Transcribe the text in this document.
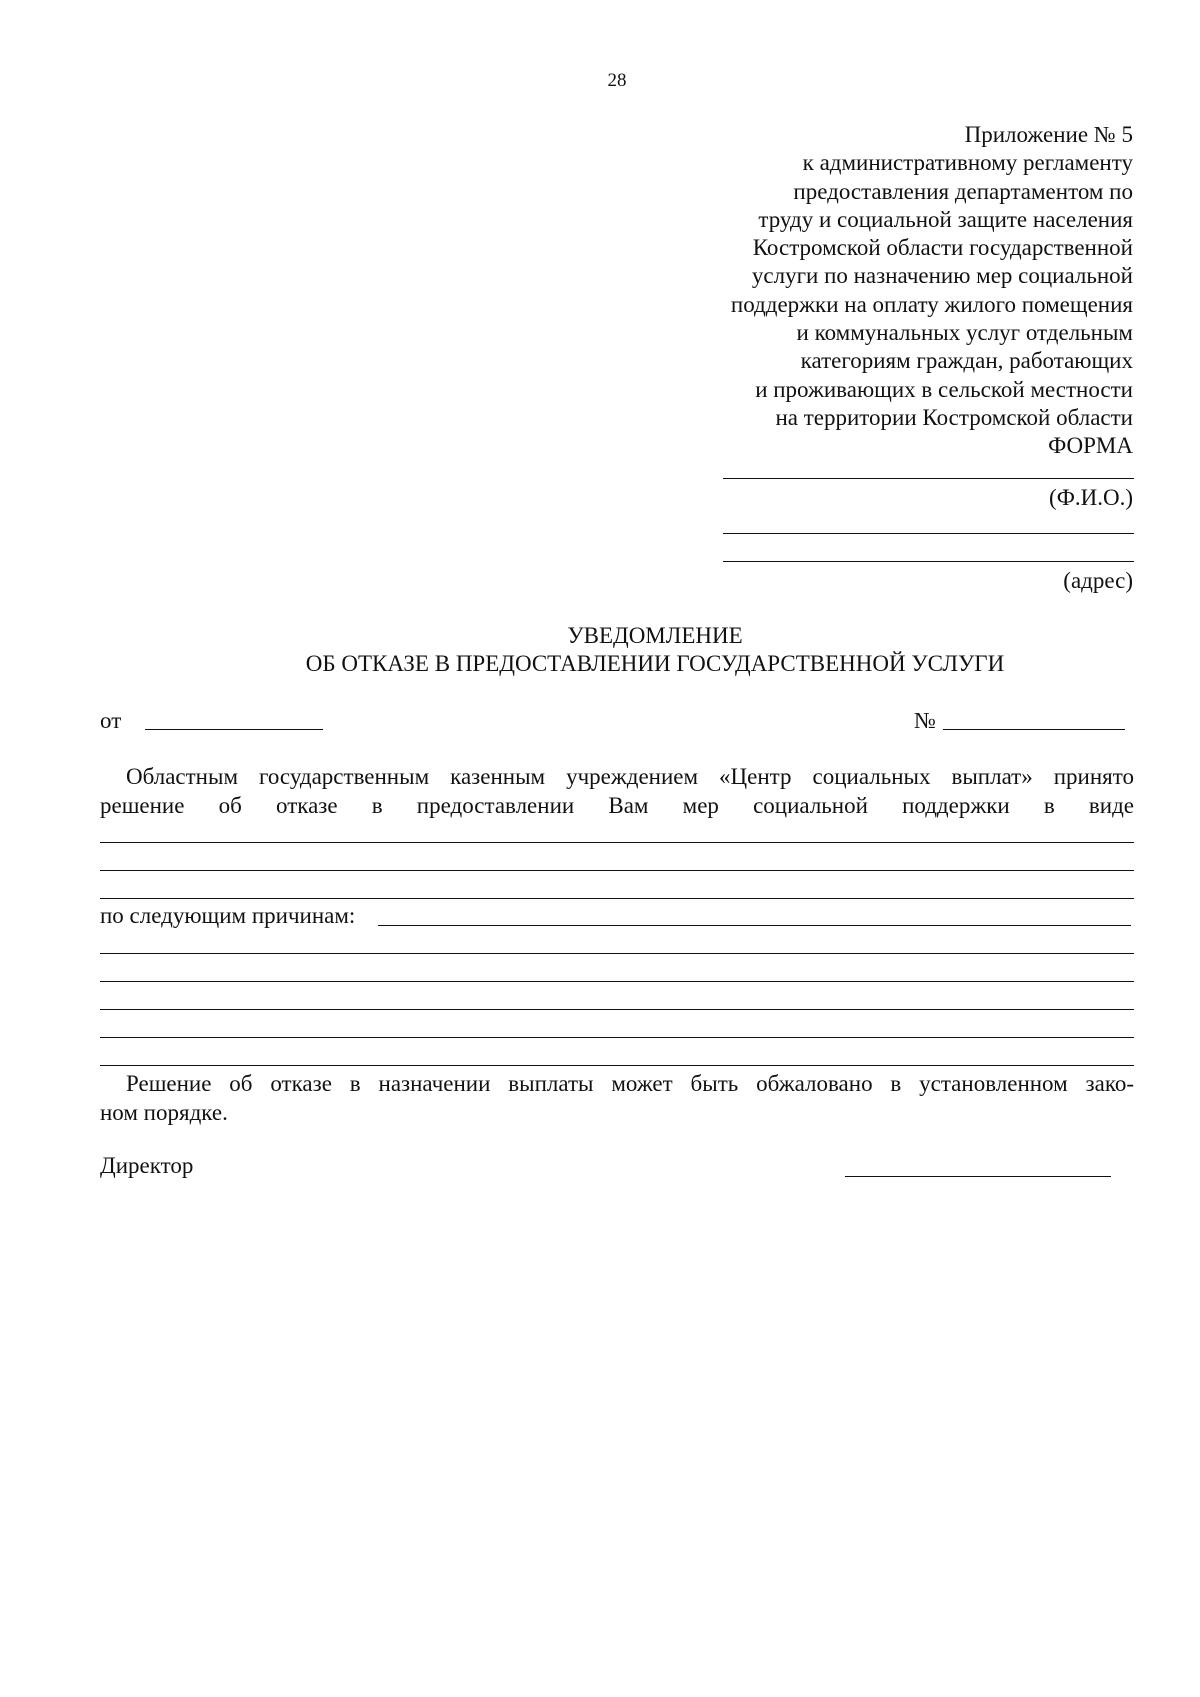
28
Приложение № 5
к административному регламенту
предоставления департаментом по
труду и социальной защите населения
Костромской области государственной
услуги по назначению мер социальной
поддержки на оплату жилого помещения
и коммунальных услуг отдельным
категориям граждан, работающих
и проживающих в сельской местности
на территории Костромской области
ФОРМА
(Ф.И.О.)
(адрес)
УВЕДОМЛЕНИЕ
ОБ ОТКАЗЕ В ПРЕДОСТАВЛЕНИИ ГОСУДАРСТВЕННОЙ УСЛУГИ
от	№
Областным государственным казенным учреждением «Центр социальных выплат» принято
решение об отказе в предоставлении Вам мер социальной поддержки в виде
по следующим причинам:
Решение об отказе в назначении выплаты может быть обжаловано в установленном зако-
ном порядке.
Директор
